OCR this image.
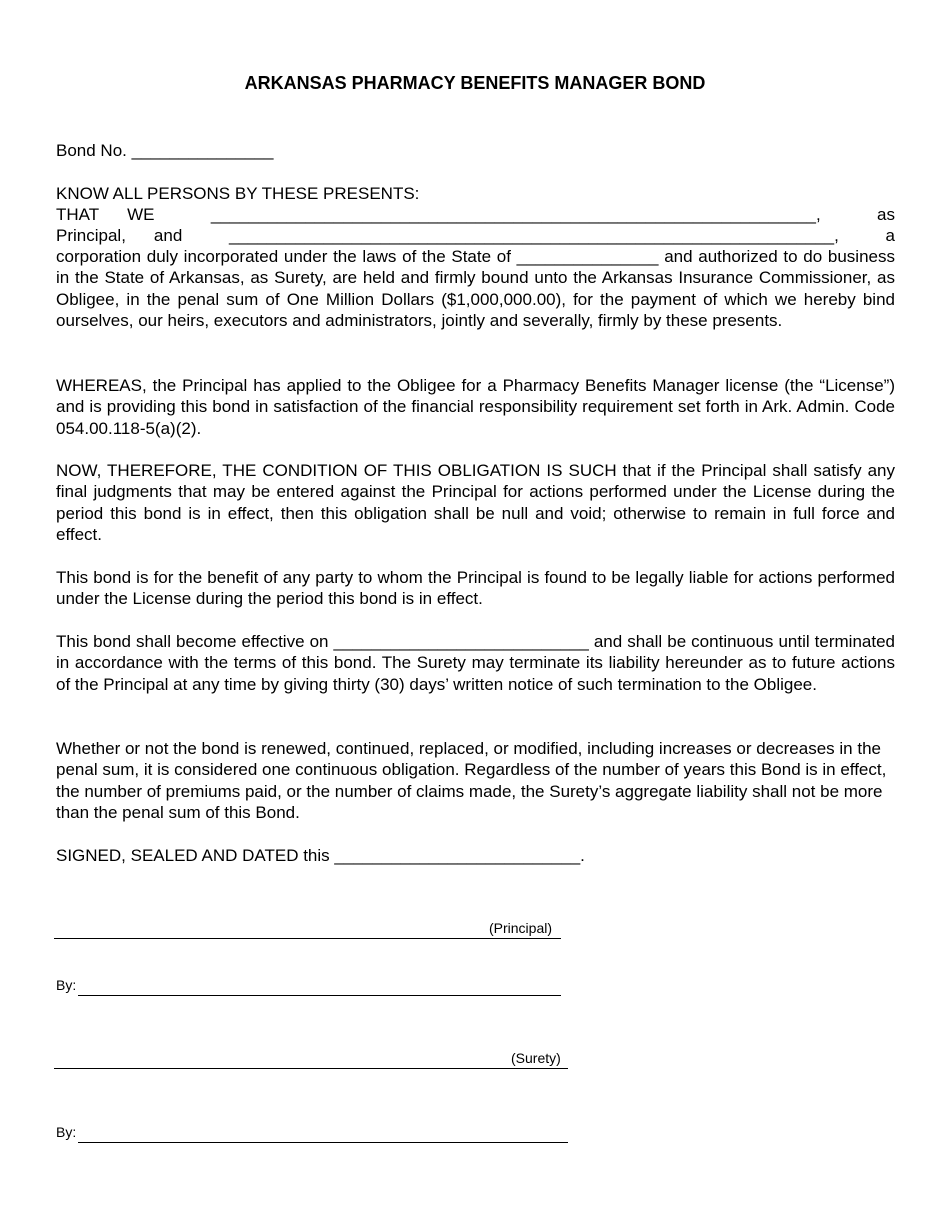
ARKANSAS PHARMACY BENEFITS MANAGER BOND
Bond No. _______________
KNOW ALL PERSONS BY THESE PRESENTS:
THAT WE	________________________________________________________________,	as
Principal, and	________________________________________________________________,	a
corporation duly incorporated under the laws of the State of _______________ and authorized to do business in the State of Arkansas, as Surety, are held and firmly bound unto the Arkansas Insurance Commissioner, as Obligee, in the penal sum of One Million Dollars ($1,000,000.00), for the payment of which we hereby bind ourselves, our heirs, executors and administrators, jointly and severally, firmly by these presents.
WHEREAS, the Principal has applied to the Obligee for a Pharmacy Benefits Manager license (the “License”) and is providing this bond in satisfaction of the financial responsibility requirement set forth in Ark. Admin. Code 054.00.118-5(a)(2).
NOW, THEREFORE, THE CONDITION OF THIS OBLIGATION IS SUCH that if the Principal shall satisfy any final judgments that may be entered against the Principal for actions performed under the License during the period this bond is in effect, then this obligation shall be null and void; otherwise to remain in full force and effect.
This bond is for the benefit of any party to whom the Principal is found to be legally liable for actions performed under the License during the period this bond is in effect.
This bond shall become effective on ___________________________ and shall be continuous until terminated in accordance with the terms of this bond. The Surety may terminate its liability hereunder as to future actions of the Principal at any time by giving thirty (30) days’ written notice of such termination to the Obligee.
Whether or not the bond is renewed, continued, replaced, or modified, including increases or decreases in the penal sum, it is considered one continuous obligation. Regardless of the number of years this Bond is in effect, the number of premiums paid, or the number of claims made, the Surety’s aggregate liability shall not be more than the penal sum of this Bond.
SIGNED, SEALED AND DATED this __________________________.
(Principal)
By:
(Surety)
By:
